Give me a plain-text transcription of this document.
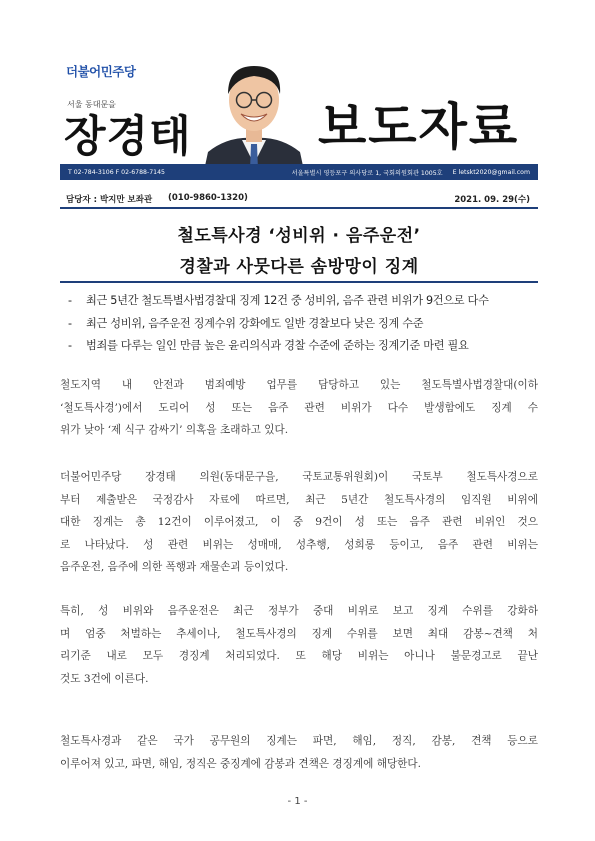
더불어민주당
서울 동대문을
장경태	보도자료
T 02-784-3106 F 02-6788-7145	서울특별시 영등포구 의사당로 1, 국회의원회관 1005호 E letskt2020@gmail.com
담당자 : 박지만 보좌관 (010-9860-1320)	2021. 09. 29(수)
철도특사경 ‘성비위 · 음주운전’
경찰과 사뭇다른 솜방망이 징계
- 최근 5년간 철도특별사법경찰대 징계 12건 중 성비위, 음주 관련 비위가 9건으로 다수
- 최근 성비위, 음주운전 징계수위 강화에도 일반 경찰보다 낮은 징계 수준
- 범죄를 다루는 일인 만큼 높은 윤리의식과 경찰 수준에 준하는 징계기준 마련 필요
철도지역 내 안전과 범죄예방 업무를 담당하고 있는 철도특별사법경찰대(이하
‘철도특사경’)에서 도리어 성 또는 음주 관련 비위가 다수 발생함에도 징계 수
위가 낮아 ‘제 식구 감싸기’ 의혹을 초래하고 있다.
더불어민주당 장경태 의원(동대문구을, 국토교통위원회)이 국토부 철도특사경으로
부터 제출받은 국정감사 자료에 따르면, 최근 5년간 철도특사경의 임직원 비위에
대한 징계는 총 12건이 이루어졌고, 이 중 9건이 성 또는 음주 관련 비위인 것으
로 나타났다. 성 관련 비위는 성매매, 성추행, 성희롱 등이고, 음주 관련 비위는
음주운전, 음주에 의한 폭행과 재물손괴 등이었다.
특히, 성 비위와 음주운전은 최근 정부가 중대 비위로 보고 징계 수위를 강화하
며 엄중 처벌하는 추세이나, 철도특사경의 징계 수위를 보면 최대 감봉~견책 처
리기준 내로 모두 경징계 처리되었다. 또 해당 비위는 아니나 불문경고로 끝난
것도 3건에 이른다.
철도특사경과 같은 국가 공무원의 징계는 파면, 해임, 정직, 감봉, 견책 등으로
이루어져 있고, 파면, 해임, 정직은 중징계에 감봉과 견책은 경징계에 해당한다.
- 1 -
